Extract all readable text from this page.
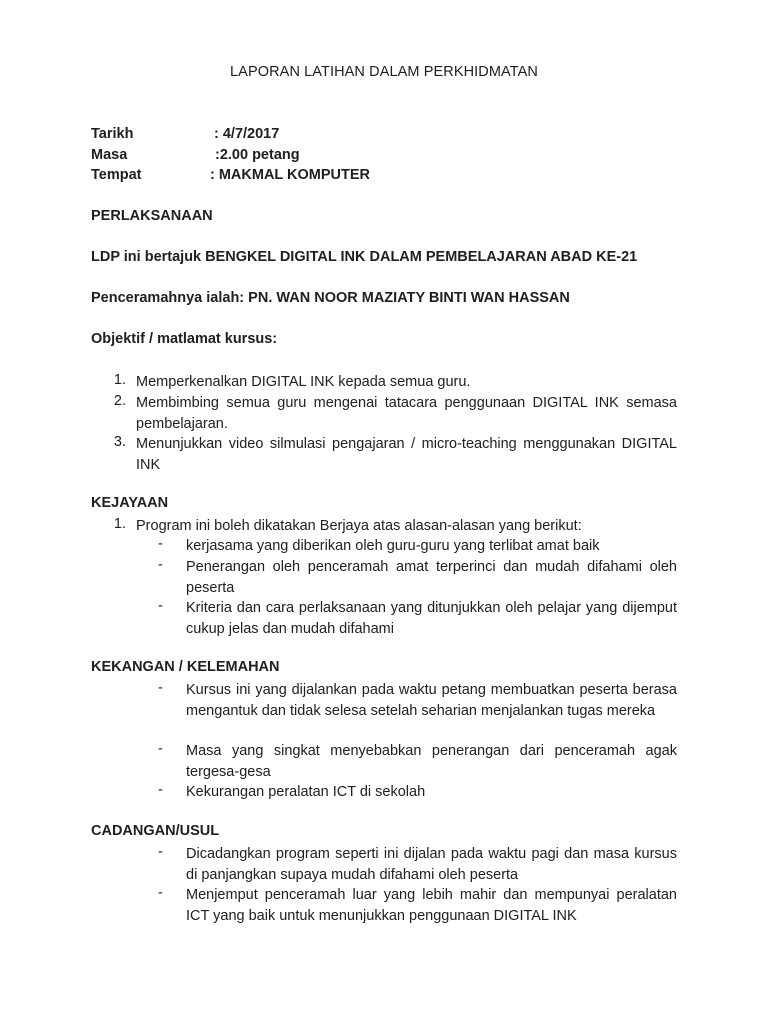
LAPORAN LATIHAN DALAM PERKHIDMATAN
Tarikh	: 4/7/2017
Masa	:2.00 petang
Tempat	: MAKMAL KOMPUTER
PERLAKSANAAN
LDP ini bertajuk BENGKEL DIGITAL INK DALAM PEMBELAJARAN ABAD KE-21
Penceramahnya ialah: PN. WAN NOOR MAZIATY BINTI WAN HASSAN
Objektif / matlamat kursus:
1. Memperkenalkan DIGITAL INK kepada semua guru.
2. Membimbing semua guru mengenai tatacara penggunaan DIGITAL INK semasa pembelajaran.
3. Menunjukkan video silmulasi pengajaran / micro-teaching menggunakan DIGITAL INK
KEJAYAAN
1. Program ini boleh dikatakan Berjaya atas alasan-alasan yang berikut:
- kerjasama yang diberikan oleh guru-guru yang terlibat amat baik
- Penerangan oleh penceramah amat terperinci dan mudah difahami oleh peserta
- Kriteria dan cara perlaksanaan yang ditunjukkan oleh pelajar yang dijemput cukup jelas dan mudah difahami
KEKANGAN / KELEMAHAN
- Kursus ini yang dijalankan pada waktu petang membuatkan peserta berasa mengantuk dan tidak selesa setelah seharian menjalankan tugas mereka
- Masa yang singkat menyebabkan penerangan dari penceramah agak tergesa-gesa
- Kekurangan peralatan ICT di sekolah
CADANGAN/USUL
- Dicadangkan program seperti ini dijalan pada waktu pagi dan masa kursus di panjangkan supaya mudah difahami oleh peserta
- Menjemput penceramah luar yang lebih mahir dan mempunyai peralatan ICT yang baik untuk menunjukkan penggunaan DIGITAL INK
